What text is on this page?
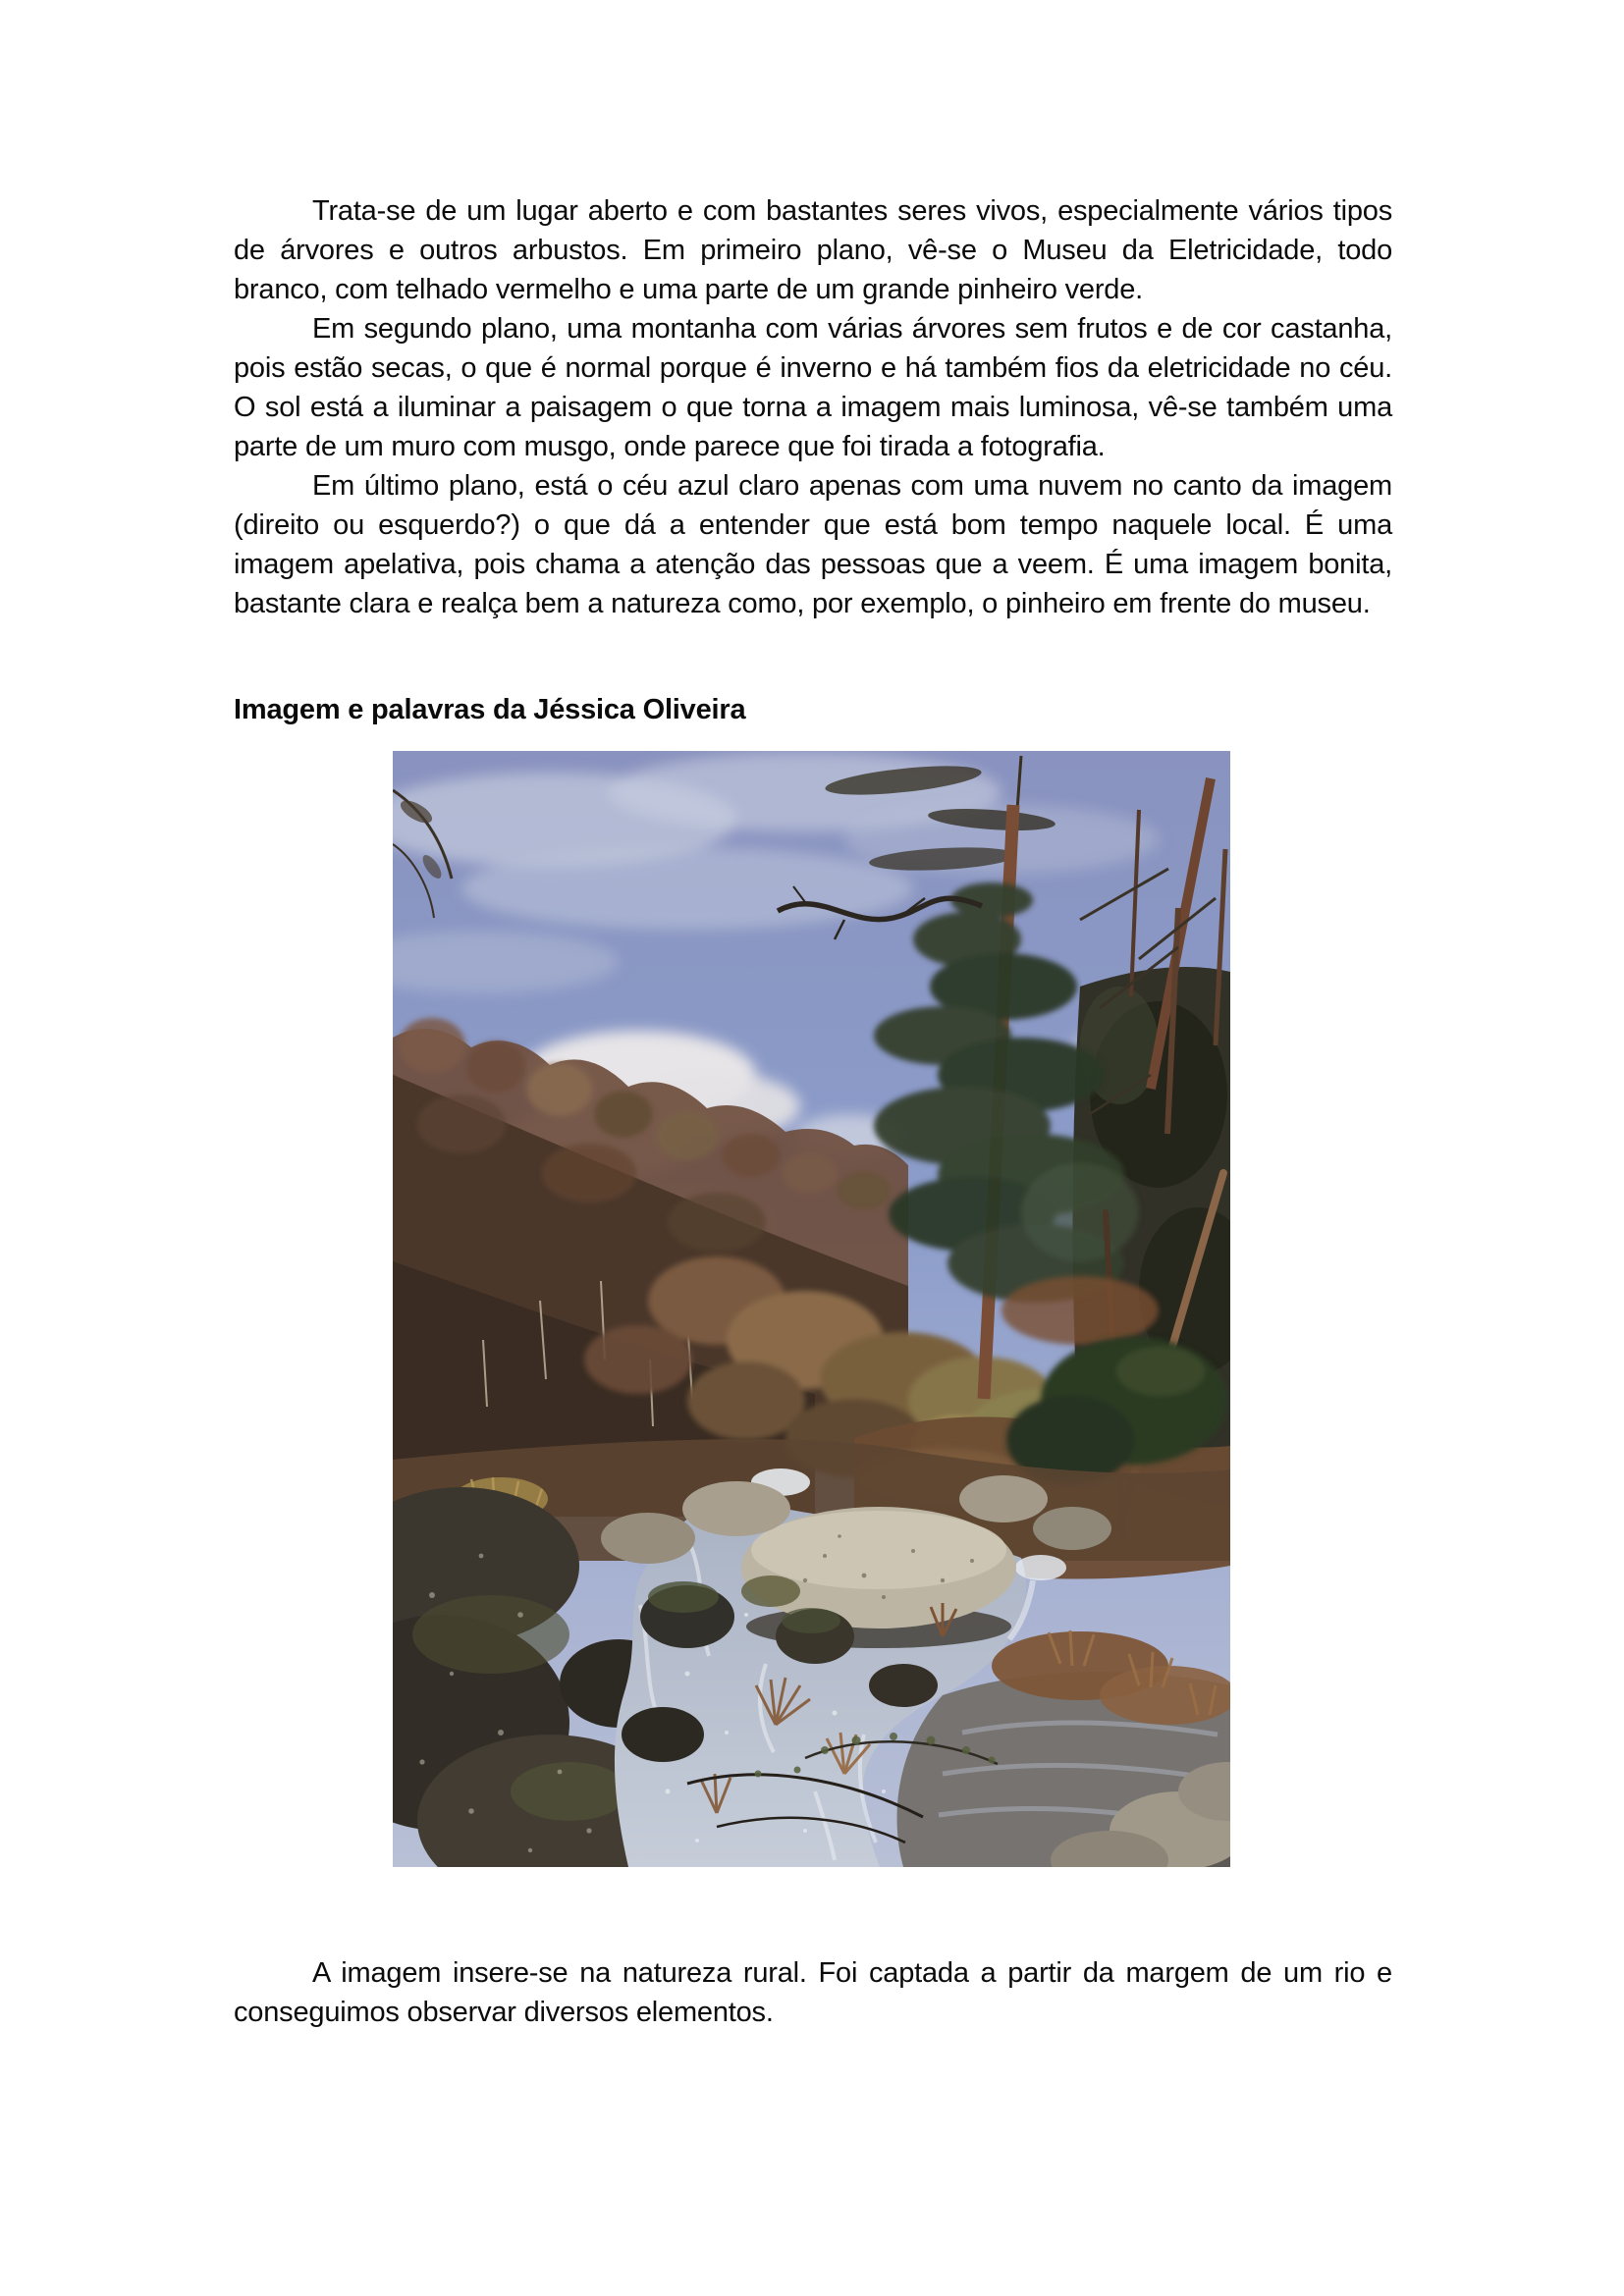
Trata-se de um lugar aberto e com bastantes seres vivos, especialmente vários tipos de árvores e outros arbustos. Em primeiro plano, vê-se o Museu da Eletricidade, todo branco, com telhado vermelho e uma parte de um grande pinheiro verde.

Em segundo plano, uma montanha com várias árvores sem frutos e de cor castanha, pois estão secas, o que é normal porque é inverno e há também fios da eletricidade no céu. O sol está a iluminar a paisagem o que torna a imagem mais luminosa, vê-se também uma parte de um muro com musgo, onde parece que foi tirada a fotografia.

Em último plano, está o céu azul claro apenas com uma nuvem no canto da imagem (direito ou esquerdo?) o que dá a entender que está bom tempo naquele local. É uma imagem apelativa, pois chama a atenção das pessoas que a veem. É uma imagem bonita, bastante clara e realça bem a natureza como, por exemplo, o pinheiro em frente do museu.

Imagem e palavras da Jéssica Oliveira

A imagem insere-se na natureza rural. Foi captada a partir da margem de um rio e conseguimos observar diversos elementos.
